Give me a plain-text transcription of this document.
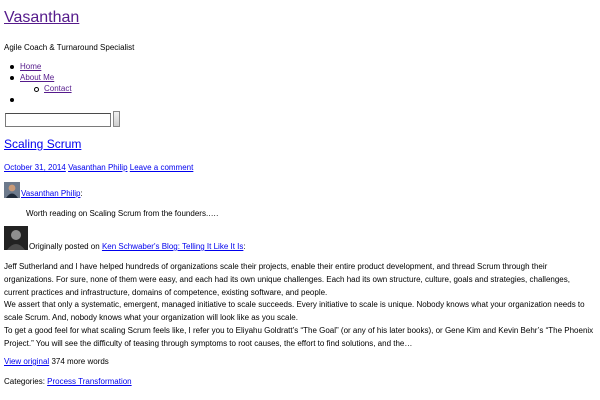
Vasanthan
Agile Coach & Turnaround Specialist
Home
About Me
Contact
Scaling Scrum
October 31, 2014 Vasanthan Philip Leave a comment
Vasanthan Philip:
Worth reading on Scaling Scrum from the founders.….
Originally posted on Ken Schwaber's Blog: Telling It Like It Is:

Jeff Sutherland and I have helped hundreds of organizations scale their projects, enable their entire product development, and thread Scrum through their organizations. For sure, none of them were easy, and each had its own unique challenges. Each had its own structure, culture, goals and strategies, challenges, current practices and infrastructure, domains of competence, existing software, and people.

We assert that only a systematic, emergent, managed initiative to scale succeeds. Every initiative to scale is unique. Nobody knows what your organization needs to scale Scrum. And, nobody knows what your organization will look like as you scale.

To get a good feel for what scaling Scrum feels like, I refer you to Eliyahu Goldratt’s “The Goal” (or any of his later books), or Gene Kim and Kevin Behr’s “The Phoenix Project.” You will see the difficulty of teasing through symptoms to root causes, the effort to find solutions, and the…

View original 374 more words
Categories: Process Transformation
